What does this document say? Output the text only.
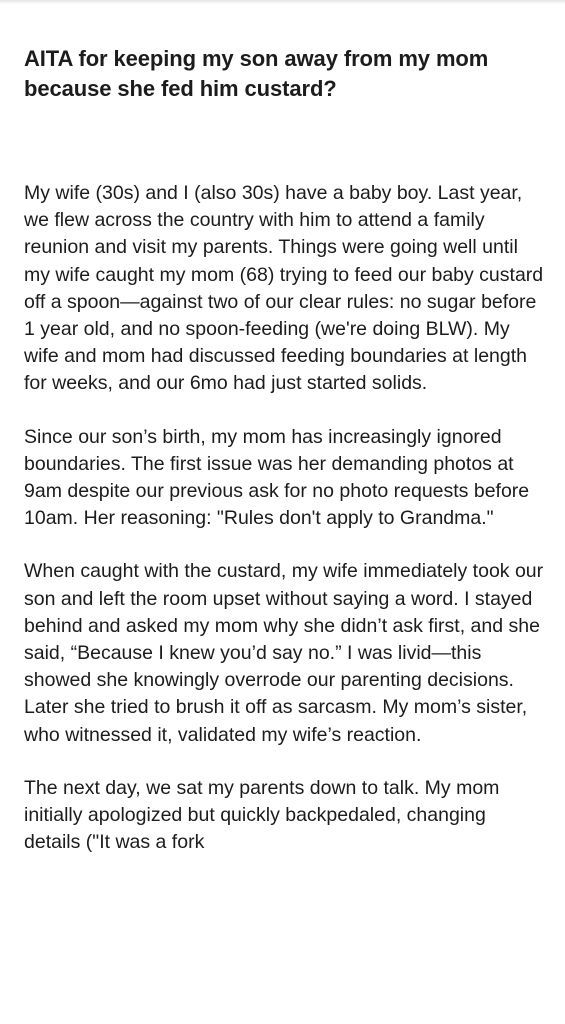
AITA for keeping my son away from my mom because she fed him custard?

My wife (30s) and I (also 30s) have a baby boy. Last year, we flew across the country with him to attend a family reunion and visit my parents. Things were going well until my wife caught my mom (68) trying to feed our baby custard off a spoon—against two of our clear rules: no sugar before 1 year old, and no spoon-feeding (we're doing BLW). My wife and mom had discussed feeding boundaries at length for weeks, and our 6mo had just started solids.

Since our son’s birth, my mom has increasingly ignored boundaries. The first issue was her demanding photos at 9am despite our previous ask for no photo requests before 10am. Her reasoning: "Rules don't apply to Grandma."

When caught with the custard, my wife immediately took our son and left the room upset without saying a word. I stayed behind and asked my mom why she didn’t ask first, and she said, “Because I knew you’d say no.” I was livid—this showed she knowingly overrode our parenting decisions. Later she tried to brush it off as sarcasm. My mom’s sister, who witnessed it, validated my wife’s reaction.

The next day, we sat my parents down to talk. My mom initially apologized but quickly backpedaled, changing details ("It was a fork
